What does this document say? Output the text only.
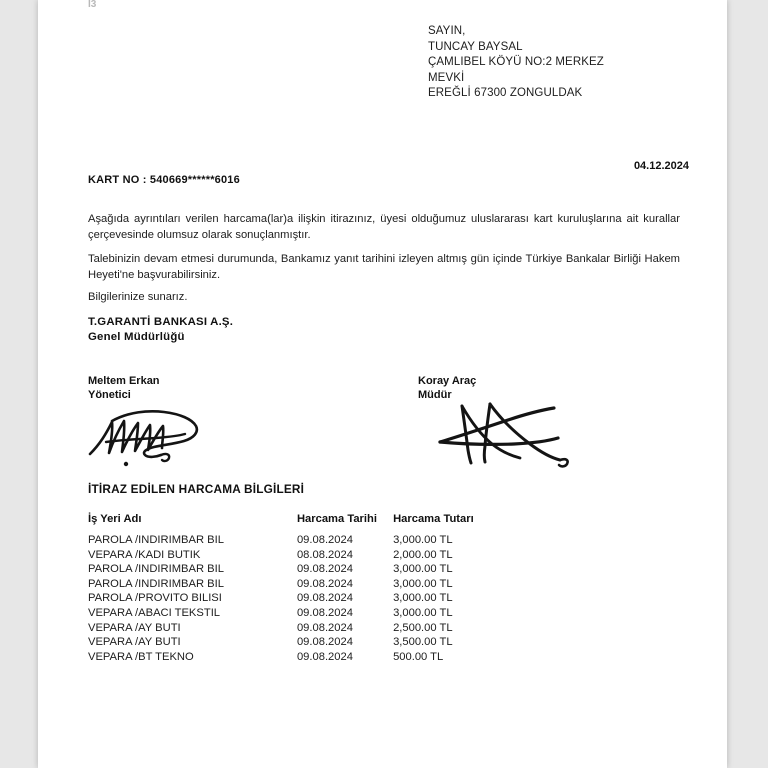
I3
SAYIN,
TUNCAY BAYSAL
ÇAMLIBEL KÖYÜ NO:2 MERKEZ
MEVKİ
EREĞLİ 67300 ZONGULDAK
04.12.2024
KART NO : 540669******6016
Aşağıda ayrıntıları verilen harcama(lar)a ilişkin itirazınız, üyesi olduğumuz uluslararası kart kuruluşlarına ait kurallar çerçevesinde olumsuz olarak sonuçlanmıştır.
Talebinizin devam etmesi durumunda, Bankamız yanıt tarihini izleyen altmış gün içinde Türkiye Bankalar Birliği Hakem Heyeti'ne başvurabilirsiniz.
Bilgilerinize sunarız.
T.GARANTİ BANKASI A.Ş.
Genel Müdürlüğü
Meltem Erkan
Yönetici
Koray Araç
Müdür
İTİRAZ EDİLEN HARCAMA BİLGİLERİ
İş Yeri Adı	Harcama Tarihi	Harcama Tutarı
PAROLA /INDIRIMBAR BIL	09.08.2024	3,000.00 TL
VEPARA /KADI BUTIK	08.08.2024	2,000.00 TL
PAROLA /INDIRIMBAR BIL	09.08.2024	3,000.00 TL
PAROLA /INDIRIMBAR BIL	09.08.2024	3,000.00 TL
PAROLA /PROVITO BILISI	09.08.2024	3,000.00 TL
VEPARA /ABACI TEKSTIL	09.08.2024	3,000.00 TL
VEPARA /AY BUTI	09.08.2024	2,500.00 TL
VEPARA /AY BUTI	09.08.2024	3,500.00 TL
VEPARA /BT TEKNO	09.08.2024	500.00 TL
